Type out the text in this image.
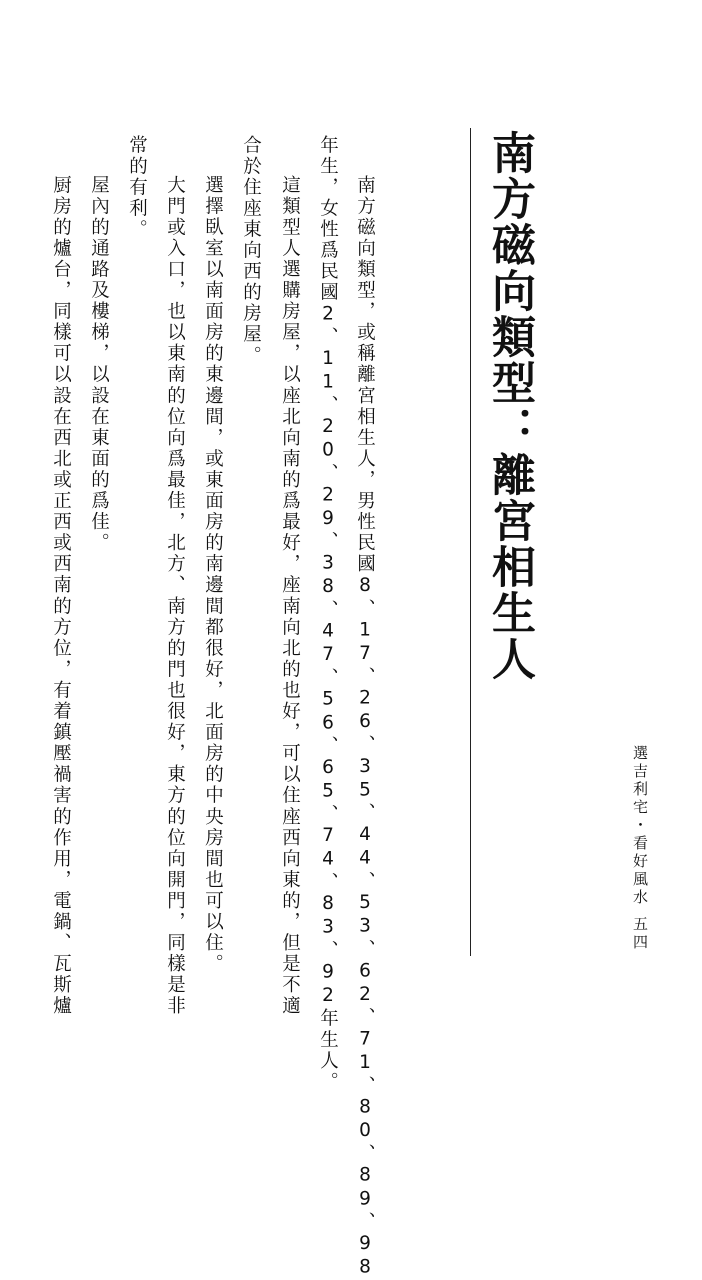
南方磁向類型：離宮相生人
南方磁向類型，或稱離宮相生人，男性民國8、17、26、35、44、53、62、71、80、89、98
年生，女性爲民國2、11、20、29、38、47、56、65、74、83、92年生人。
這類型人選購房屋，以座北向南的爲最好，座南向北的也好，可以住座西向東的，但是不適
合於住座東向西的房屋。
選擇臥室以南面房的東邊間，或東面房的南邊間都很好，北面房的中央房間也可以住。
大門或入口，也以東南的位向爲最佳，北方、南方的門也很好，東方的位向開門，同樣是非
常的有利。
屋內的通路及樓梯，以設在東面的爲佳。
厨房的爐台，同樣可以設在西北或正西或西南的方位，有着鎮壓禍害的作用，電鍋、瓦斯爐	選吉利宅・看好風水
五四
